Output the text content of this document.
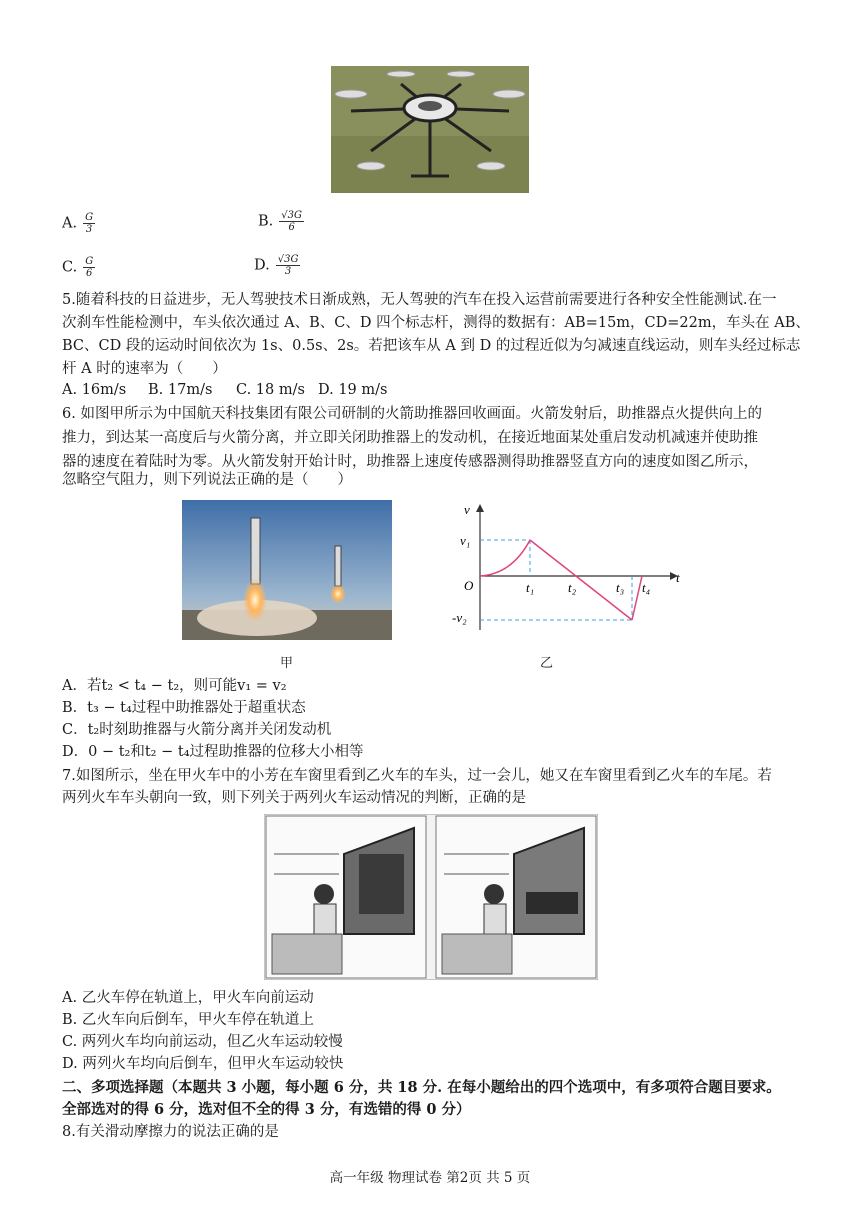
A. $\frac{G}{3}$	B. $\frac{√3G}{6}$
C. $\frac{G}{6}$	D. $\frac{√3G}{3}$
5.随着科技的日益进步，无人驾驶技术日渐成熟，无人驾驶的汽车在投入运营前需要进行各种安全性能测试.在一
次刹车性能检测中，车头依次通过 A、B、C、D 四个标志杆，测得的数据有：AB=15m，CD=22m，车头在 AB、
BC、CD 段的运动时间依次为 1s、0.5s、2s。若把该车从 A 到 D 的过程近似为匀减速直线运动，则车头经过标志
杆 A 时的速率为（　　）
A. 16m/s B. 17m/s C. 18 m/s D. 19 m/s
6. 如图甲所示为中国航天科技集团有限公司研制的火箭助推器回收画面。火箭发射后，助推器点火提供向上的
推力，到达某一高度后与火箭分离，并立即关闭助推器上的发动机，在接近地面某处重启发动机减速并使助推
器的速度在着陆时为零。从火箭发射开始计时，助推器上速度传感器测得助推器竖直方向的速度如图乙所示，
忽略空气阻力，则下列说法正确的是（　　）
甲
v
v₁
O
-v₂
t
t₁	t₂	t₃ t₄
乙
A．若t₂ < t₄ − t₂，则可能v₁ = v₂
B．t₃ − t₄过程中助推器处于超重状态
C．t₂时刻助推器与火箭分离并关闭发动机
D．0 − t₂和t₂ − t₄过程助推器的位移大小相等
7.如图所示，坐在甲火车中的小芳在车窗里看到乙火车的车头，过一会儿，她又在车窗里看到乙火车的车尾。若
两列火车车头朝向一致，则下列关于两列火车运动情况的判断，正确的是
A. 乙火车停在轨道上，甲火车向前运动
B. 乙火车向后倒车，甲火车停在轨道上
C. 两列火车均向前运动，但乙火车运动较慢
D. 两列火车均向后倒车，但甲火车运动较快
二、多项选择题（本题共 3 小题，每小题 6 分，共 18 分. 在每小题给出的四个选项中，有多项符合题目要求。
全部选对的得 6 分，选对但不全的得 3 分，有选错的得 0 分）
8.有关滑动摩擦力的说法正确的是
高一年级 物理试卷 第2页 共 5 页
